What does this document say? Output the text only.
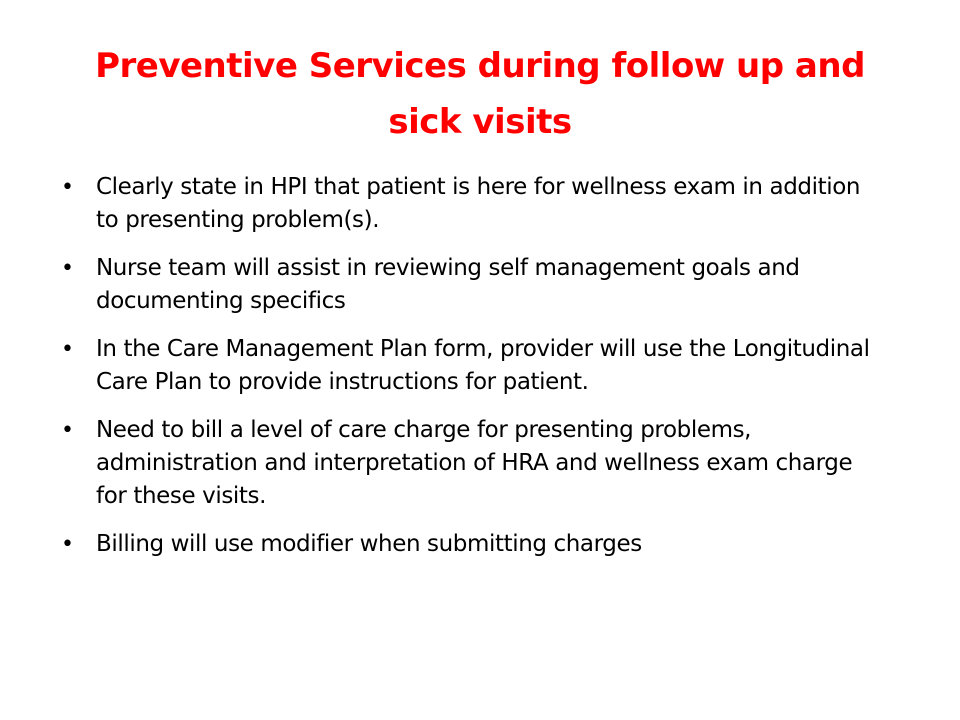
Preventive Services during follow up and sick visits
• Clearly state in HPI that patient is here for wellness exam in addition to presenting problem(s).
• Nurse team will assist in reviewing self management goals and documenting specifics
• In the Care Management Plan form, provider will use the Longitudinal Care Plan to provide instructions for patient.
• Need to bill a level of care charge for presenting problems, administration and interpretation of HRA and wellness exam charge for these visits.
• Billing will use modifier when submitting charges
